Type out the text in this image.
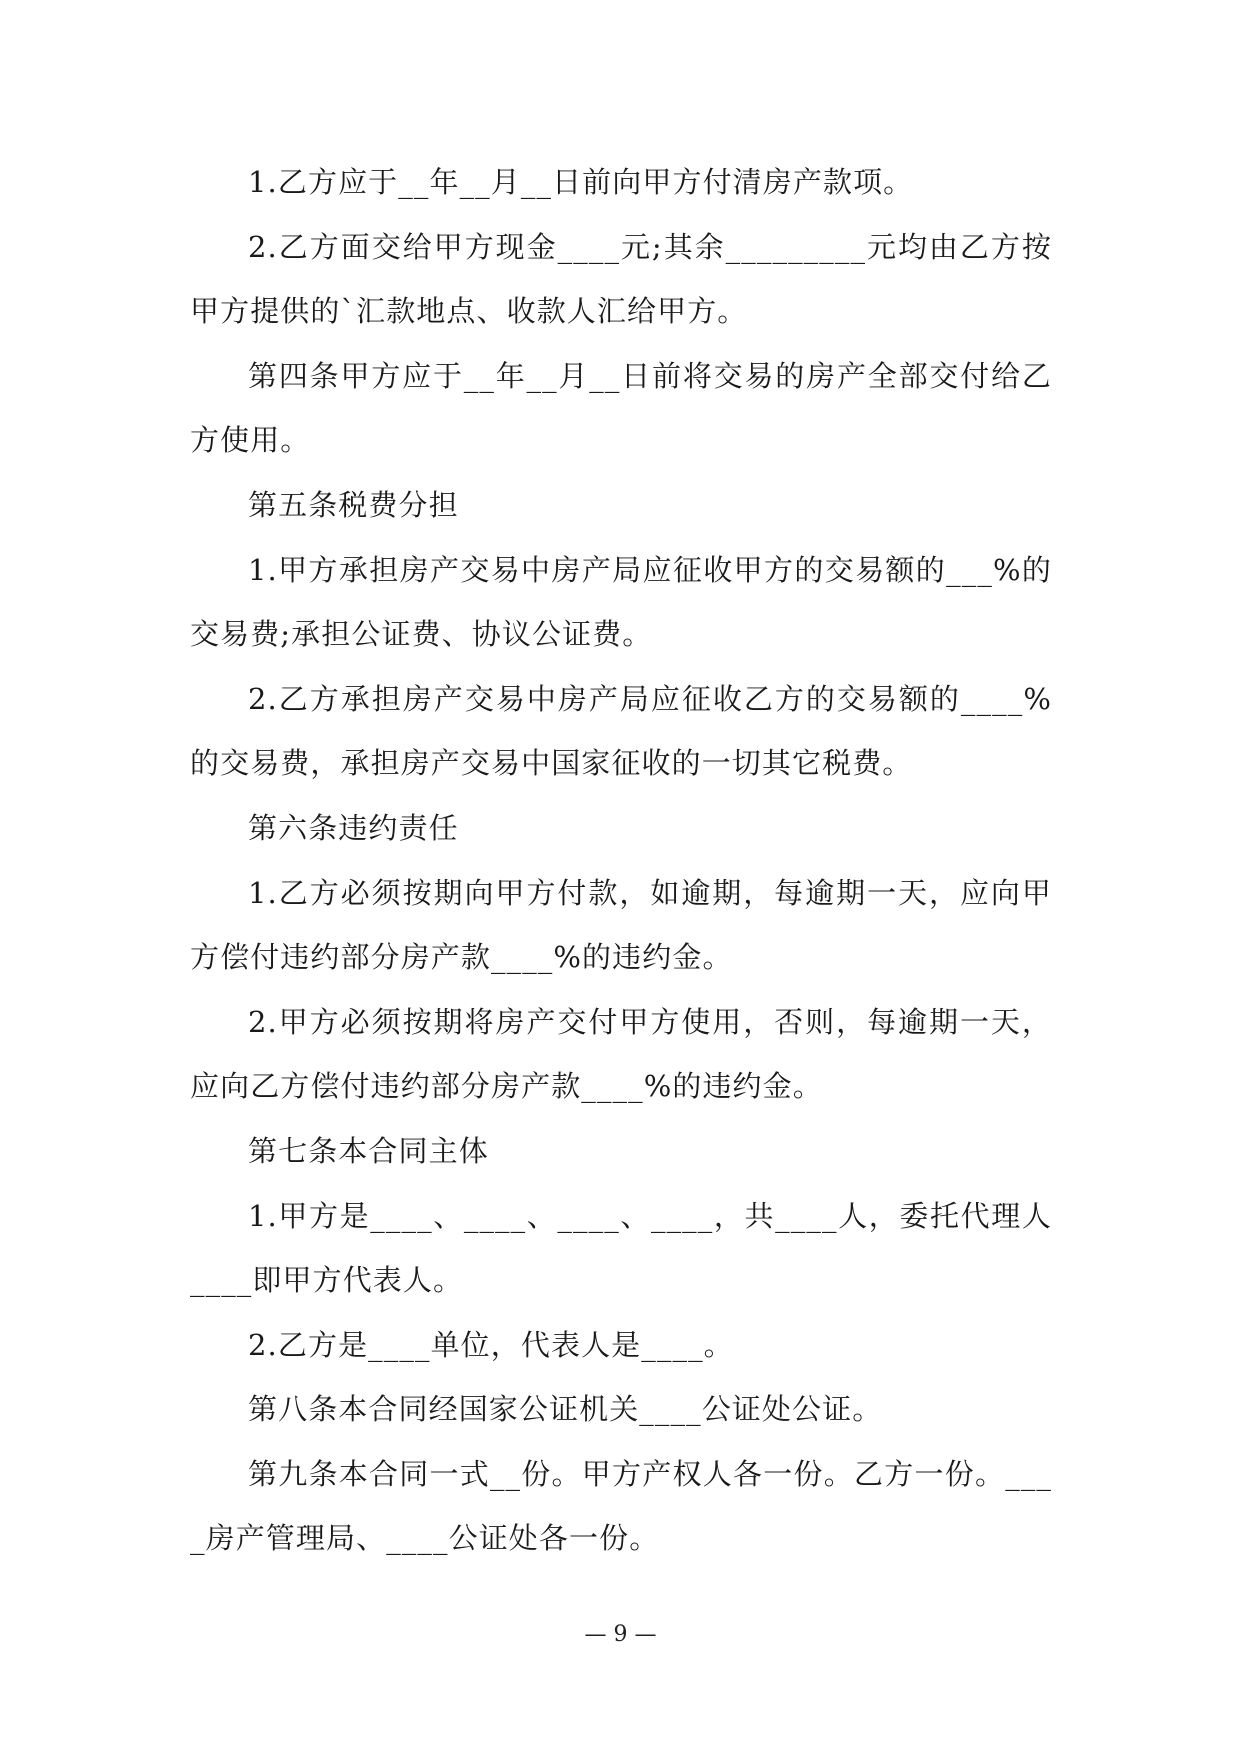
1.乙方应于__年__月__日前向甲方付清房产款项。

2.乙方面交给甲方现金____元;其余_________元均由乙方按甲方提供的`汇款地点、收款人汇给甲方。

第四条甲方应于__年__月__日前将交易的房产全部交付给乙方使用。

第五条税费分担

1.甲方承担房产交易中房产局应征收甲方的交易额的___%的交易费;承担公证费、协议公证费。

2.乙方承担房产交易中房产局应征收乙方的交易额的____%的交易费，承担房产交易中国家征收的一切其它税费。

第六条违约责任

1.乙方必须按期向甲方付款，如逾期，每逾期一天，应向甲方偿付违约部分房产款____%的违约金。

2.甲方必须按期将房产交付甲方使用，否则，每逾期一天，应向乙方偿付违约部分房产款____%的违约金。

第七条本合同主体

1.甲方是____、____、____、____，共____人，委托代理人____即甲方代表人。

2.乙方是____单位，代表人是____。

第八条本合同经国家公证机关____公证处公证。

第九条本合同一式__份。甲方产权人各一份。乙方一份。____房产管理局、____公证处各一份。

— 9 —
